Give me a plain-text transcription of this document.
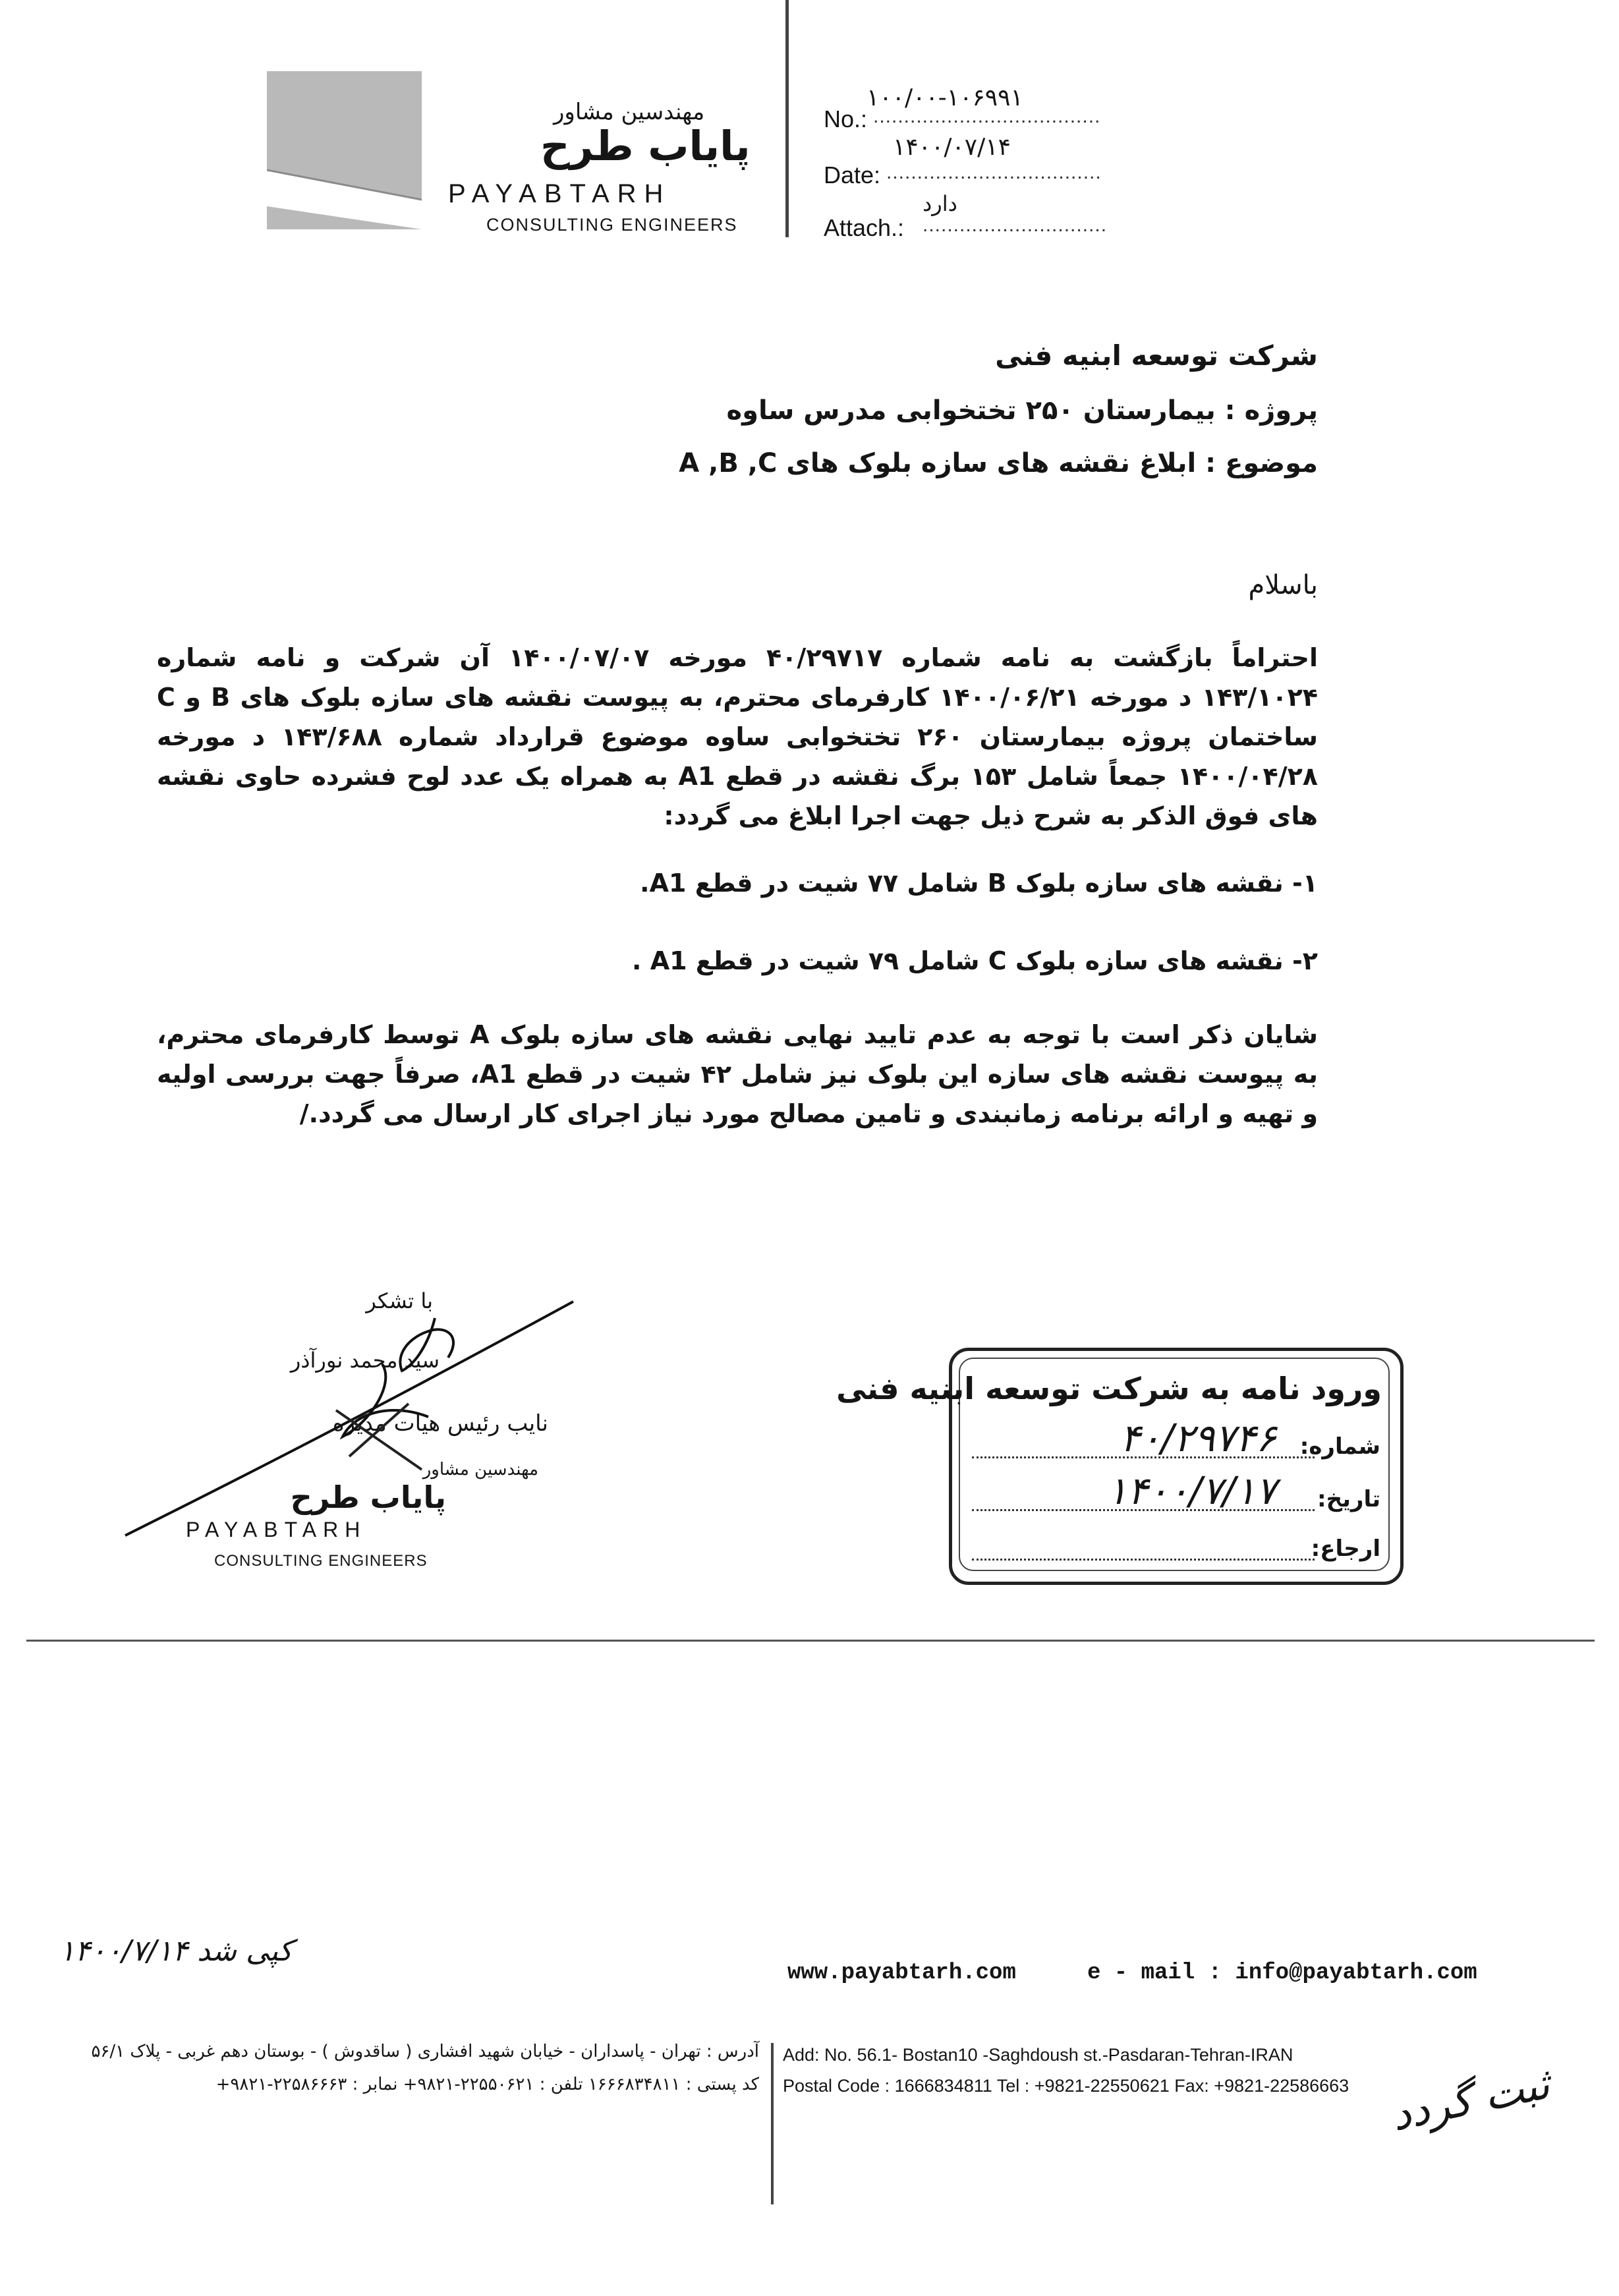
مهندسین مشاور
پایاب طرح
PAYABTARH
CONSULTING ENGINEERS
۱۰۰/۰۰-۱۰۶۹۹۱
No.: .....................................
۱۴۰۰/۰۷/۱۴
Date: ...................................
دارد
Attach.: ..............................
شرکت توسعه ابنیه فنی
پروژه : بیمارستان ۲۵۰ تختخوابی مدرس ساوه
موضوع : ابلاغ نقشه های سازه بلوک های A ,B ,C
باسلام
احتراماً بازگشت به نامه شماره ۴۰/۲۹۷۱۷ مورخه ۱۴۰۰/۰۷/۰۷ آن شرکت و نامه شماره ۱۴۳/۱۰۲۴ د مورخه ۱۴۰۰/۰۶/۲۱ کارفرمای محترم، به پیوست نقشه های سازه بلوک های B و C ساختمان پروژه بیمارستان ۲۶۰ تختخوابی ساوه موضوع قرارداد شماره ۱۴۳/۶۸۸ د مورخه ۱۴۰۰/۰۴/۲۸ جمعاً شامل ۱۵۳ برگ نقشه در قطع A1 به همراه یک عدد لوح فشرده حاوی نقشه های فوق الذکر به شرح ذیل جهت اجرا ابلاغ می گردد:
۱- نقشه های سازه بلوک B شامل ۷۷ شیت در قطع A1.
۲- نقشه های سازه بلوک C شامل ۷۹ شیت در قطع A1 .
شایان ذکر است با توجه به عدم تایید نهایی نقشه های سازه بلوک A توسط کارفرمای محترم، به پیوست نقشه های سازه این بلوک نیز شامل ۴۲ شیت در قطع A1، صرفاً جهت بررسی اولیه و تهیه و ارائه برنامه زمانبندی و تامین مصالح مورد نیاز اجرای کار ارسال می گردد./
با تشکر
سید محمد نورآذر
نایب رئیس هیات مدیره
مهندسین مشاور
پایاب طرح
PAYABTARH
CONSULTING ENGINEERS
ورود نامه به شرکت توسعه ابنیه فنی
شماره:
۴۰/۲۹۷۴۶
تاریخ:
۱۴۰۰/۷/۱۷
ارجاع:
کپی شد ۱۴۰۰/۷/۱۴
www.payabtarh.com	e - mail : info@payabtarh.com
آدرس : تهران - پاسداران - خیابان شهید افشاری ( ساقدوش ) - بوستان دهم غربی - پلاک ۵۶/۱
کد پستی : ۱۶۶۶۸۳۴۸۱۱ تلفن : ۲۲۵۵۰۶۲۱-۹۸۲۱+ نمابر : ۲۲۵۸۶۶۶۳-۹۸۲۱+
Add: No. 56.1- Bostan10 -Saghdoush st.-Pasdaran-Tehran-IRAN
Postal Code : 1666834811 Tel : +9821-22550621 Fax: +9821-22586663 ثبت گردد
